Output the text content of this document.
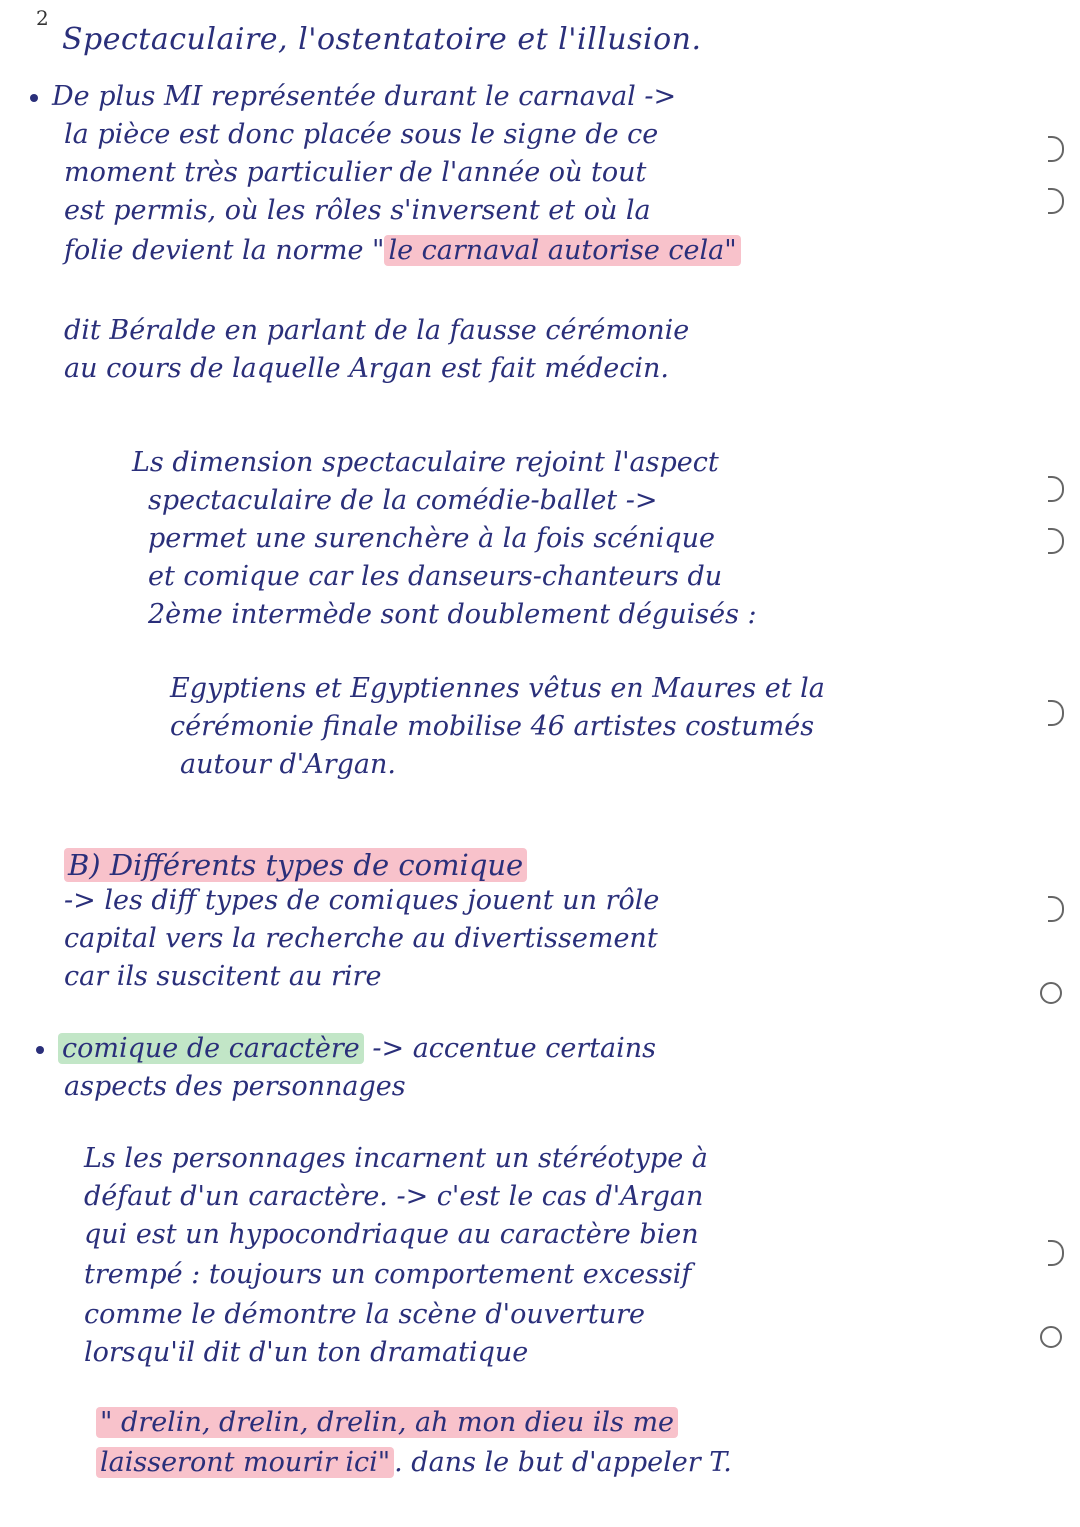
2
Spectaculaire, l'ostentatoire et l'illusion.
De plus MI représentée durant le carnaval ->
la pièce est donc placée sous le signe de ce
moment très particulier de l'année où tout
est permis, où les rôles s'inversent et où la
folie devient la norme " le carnaval autorise cela"
dit Béralde en parlant de la fausse cérémonie
au cours de laquelle Argan est fait médecin.
Ls dimension spectaculaire rejoint l'aspect
spectaculaire de la comédie-ballet ->
permet une surenchère à la fois scénique
et comique car les danseurs-chanteurs du
2ème intermède sont doublement déguisés :
Egyptiens et Egyptiennes vêtus en Maures et la
cérémonie finale mobilise 46 artistes costumés
autour d'Argan.
B) Différents types de comique
-> les diff types de comiques jouent un rôle
capital vers la recherche au divertissement
car ils suscitent au rire
comique de caractère -> accentue certains
aspects des personnages
Ls les personnages incarnent un stéréotype à
défaut d'un caractère. -> c'est le cas d'Argan
qui est un hypocondriaque au caractère bien
trempé : toujours un comportement excessif
comme le démontre la scène d'ouverture
lorsqu'il dit d'un ton dramatique
" drelin, drelin, drelin, ah mon dieu ils me
laisseront mourir ici" . dans le but d'appeler T.
